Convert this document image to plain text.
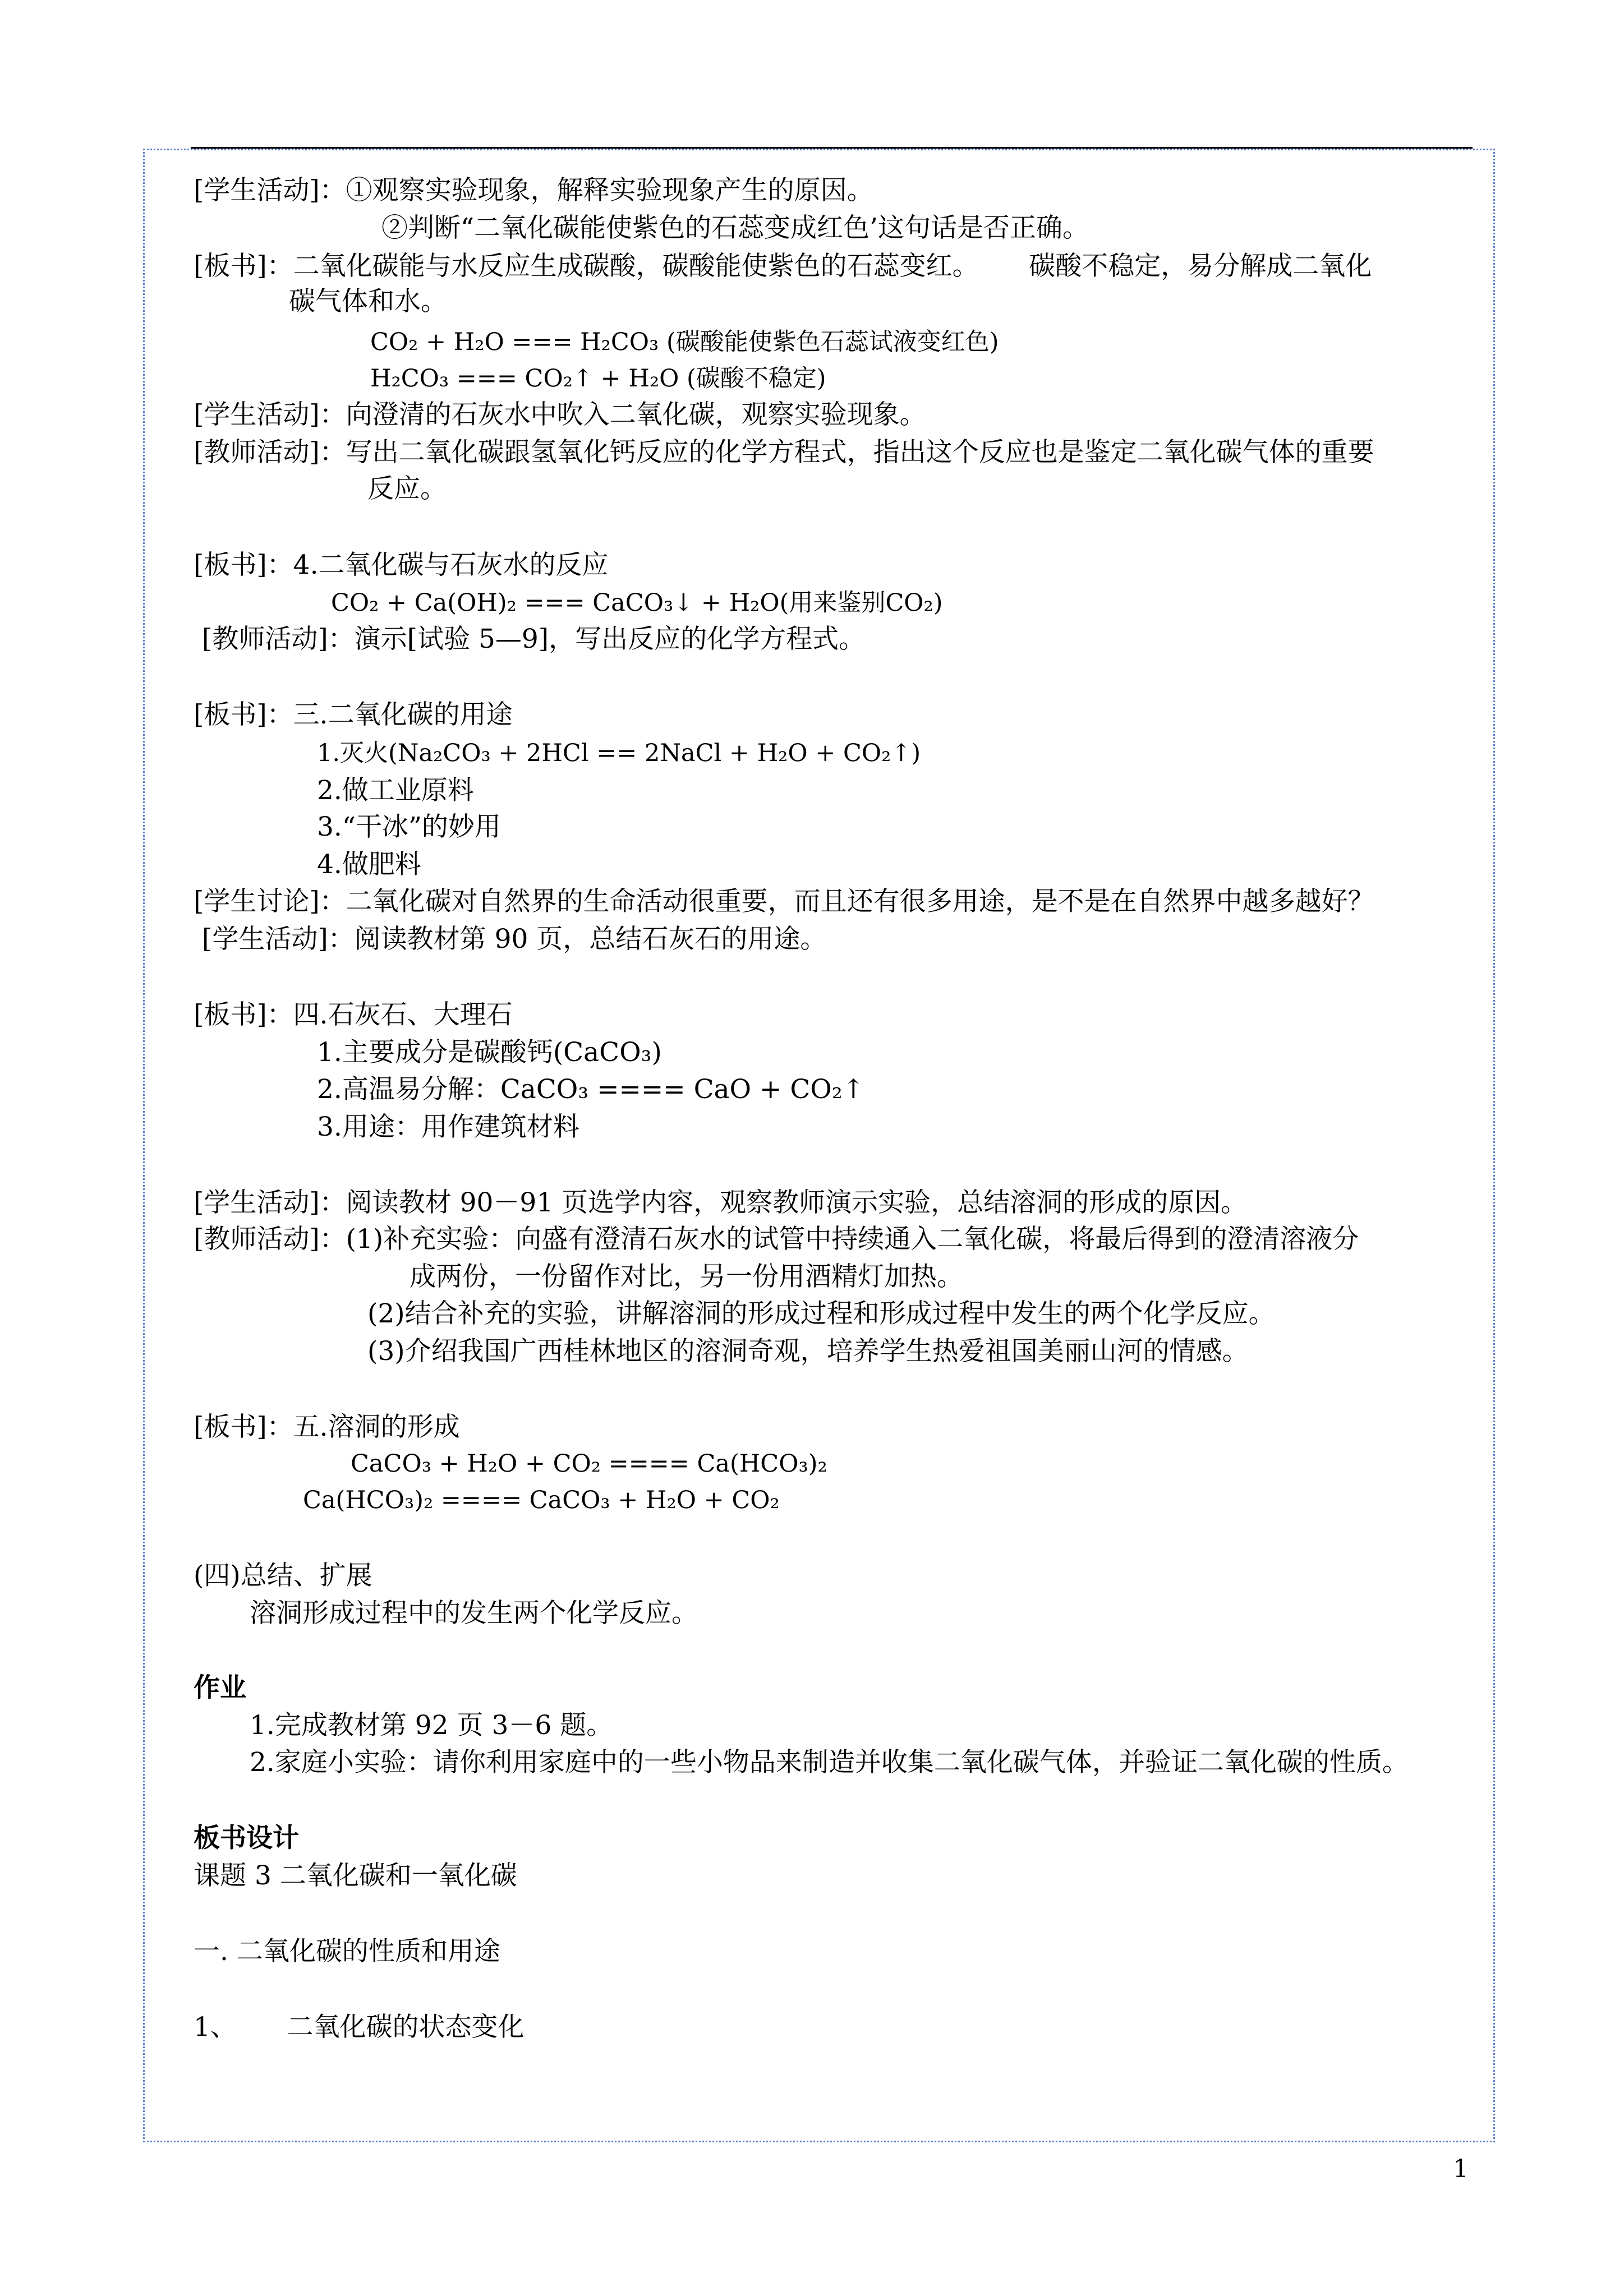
[学生活动]：①观察实验现象，解释实验现象产生的原因。
②判断“二氧化碳能使紫色的石蕊变成红色’这句话是否正确。
[板书]：二氧化碳能与水反应生成碳酸，碳酸能使紫色的石蕊变红。      碳酸不稳定，易分解成二氧化
碳气体和水。
CO₂ + H₂O === H₂CO₃ (碳酸能使紫色石蕊试液变红色)
H₂CO₃ === CO₂↑ + H₂O (碳酸不稳定)
[学生活动]：向澄清的石灰水中吹入二氧化碳，观察实验现象。
[教师活动]：写出二氧化碳跟氢氧化钙反应的化学方程式，指出这个反应也是鉴定二氧化碳气体的重要
反应。
[板书]：4.二氧化碳与石灰水的反应
CO₂ + Ca(OH)₂ === CaCO₃↓ + H₂O(用来鉴别CO₂)
[教师活动]：演示[试验 5—9]，写出反应的化学方程式。
[板书]：三.二氧化碳的用途
1.灭火(Na₂CO₃ + 2HCl == 2NaCl + H₂O + CO₂↑)
2.做工业原料
3.“干冰”的妙用
4.做肥料
[学生讨论]：二氧化碳对自然界的生命活动很重要，而且还有很多用途，是不是在自然界中越多越好？
[学生活动]：阅读教材第 90 页，总结石灰石的用途。
[板书]：四.石灰石、大理石
1.主要成分是碳酸钙(CaCO₃)
2.高温易分解：CaCO₃ ==== CaO + CO₂↑
3.用途：用作建筑材料
[学生活动]：阅读教材 90－91 页选学内容，观察教师演示实验，总结溶洞的形成的原因。
[教师活动]：(1)补充实验：向盛有澄清石灰水的试管中持续通入二氧化碳，将最后得到的澄清溶液分
成两份，一份留作对比，另一份用酒精灯加热。
(2)结合补充的实验，讲解溶洞的形成过程和形成过程中发生的两个化学反应。
(3)介绍我国广西桂林地区的溶洞奇观，培养学生热爱祖国美丽山河的情感。
[板书]：五.溶洞的形成
CaCO₃ + H₂O + CO₂ ==== Ca(HCO₃)₂
Ca(HCO₃)₂ ==== CaCO₃ + H₂O + CO₂
(四)总结、扩展
溶洞形成过程中的发生两个化学反应。
作业
1.完成教材第 92 页 3－6 题。
2.家庭小实验：请你利用家庭中的一些小物品来制造并收集二氧化碳气体，并验证二氧化碳的性质。
板书设计
课题 3 二氧化碳和一氧化碳
一. 二氧化碳的性质和用途
1、      二氧化碳的状态变化
1
